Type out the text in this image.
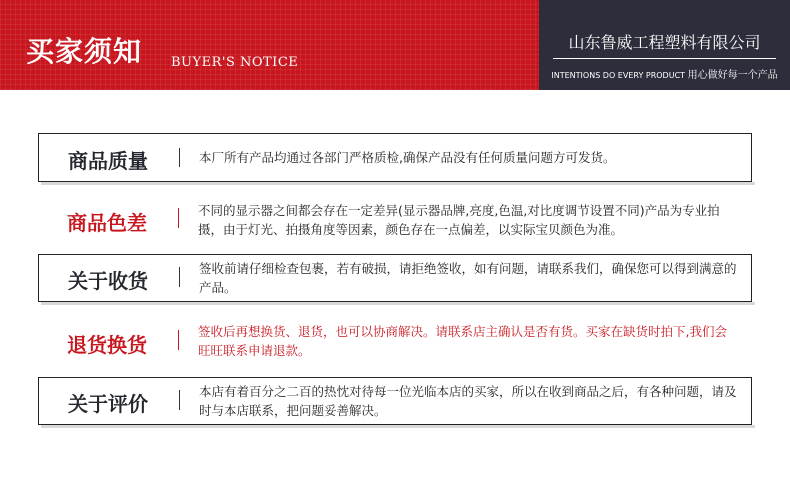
买家须知 BUYER'S NOTICE
山东鲁威工程塑料有限公司
INTENTIONS DO EVERY PRODUCT 用心做好每一个产品
商品质量	本厂所有产品均通过各部门严格质检,确保产品没有任何质量问题方可发货。
商品色差
不同的显示器之间都会存在一定差异(显示器品牌,亮度,色温,对比度调节设置不同)产品为专业拍摄，由于灯光、拍摄角度等因素，颜色存在一点偏差，以实际宝贝颜色为准。
关于收货
签收前请仔细检查包裹，若有破损，请拒绝签收，如有问题，请联系我们，确保您可以得到满意的产品。
退货换货
签收后再想换货、退货，也可以协商解决。请联系店主确认是否有货。买家在缺货时拍下,我们会旺旺联系申请退款。
关于评价
本店有着百分之二百的热忱对待每一位光临本店的买家，所以在收到商品之后，有各种问题，请及时与本店联系，把问题妥善解决。
